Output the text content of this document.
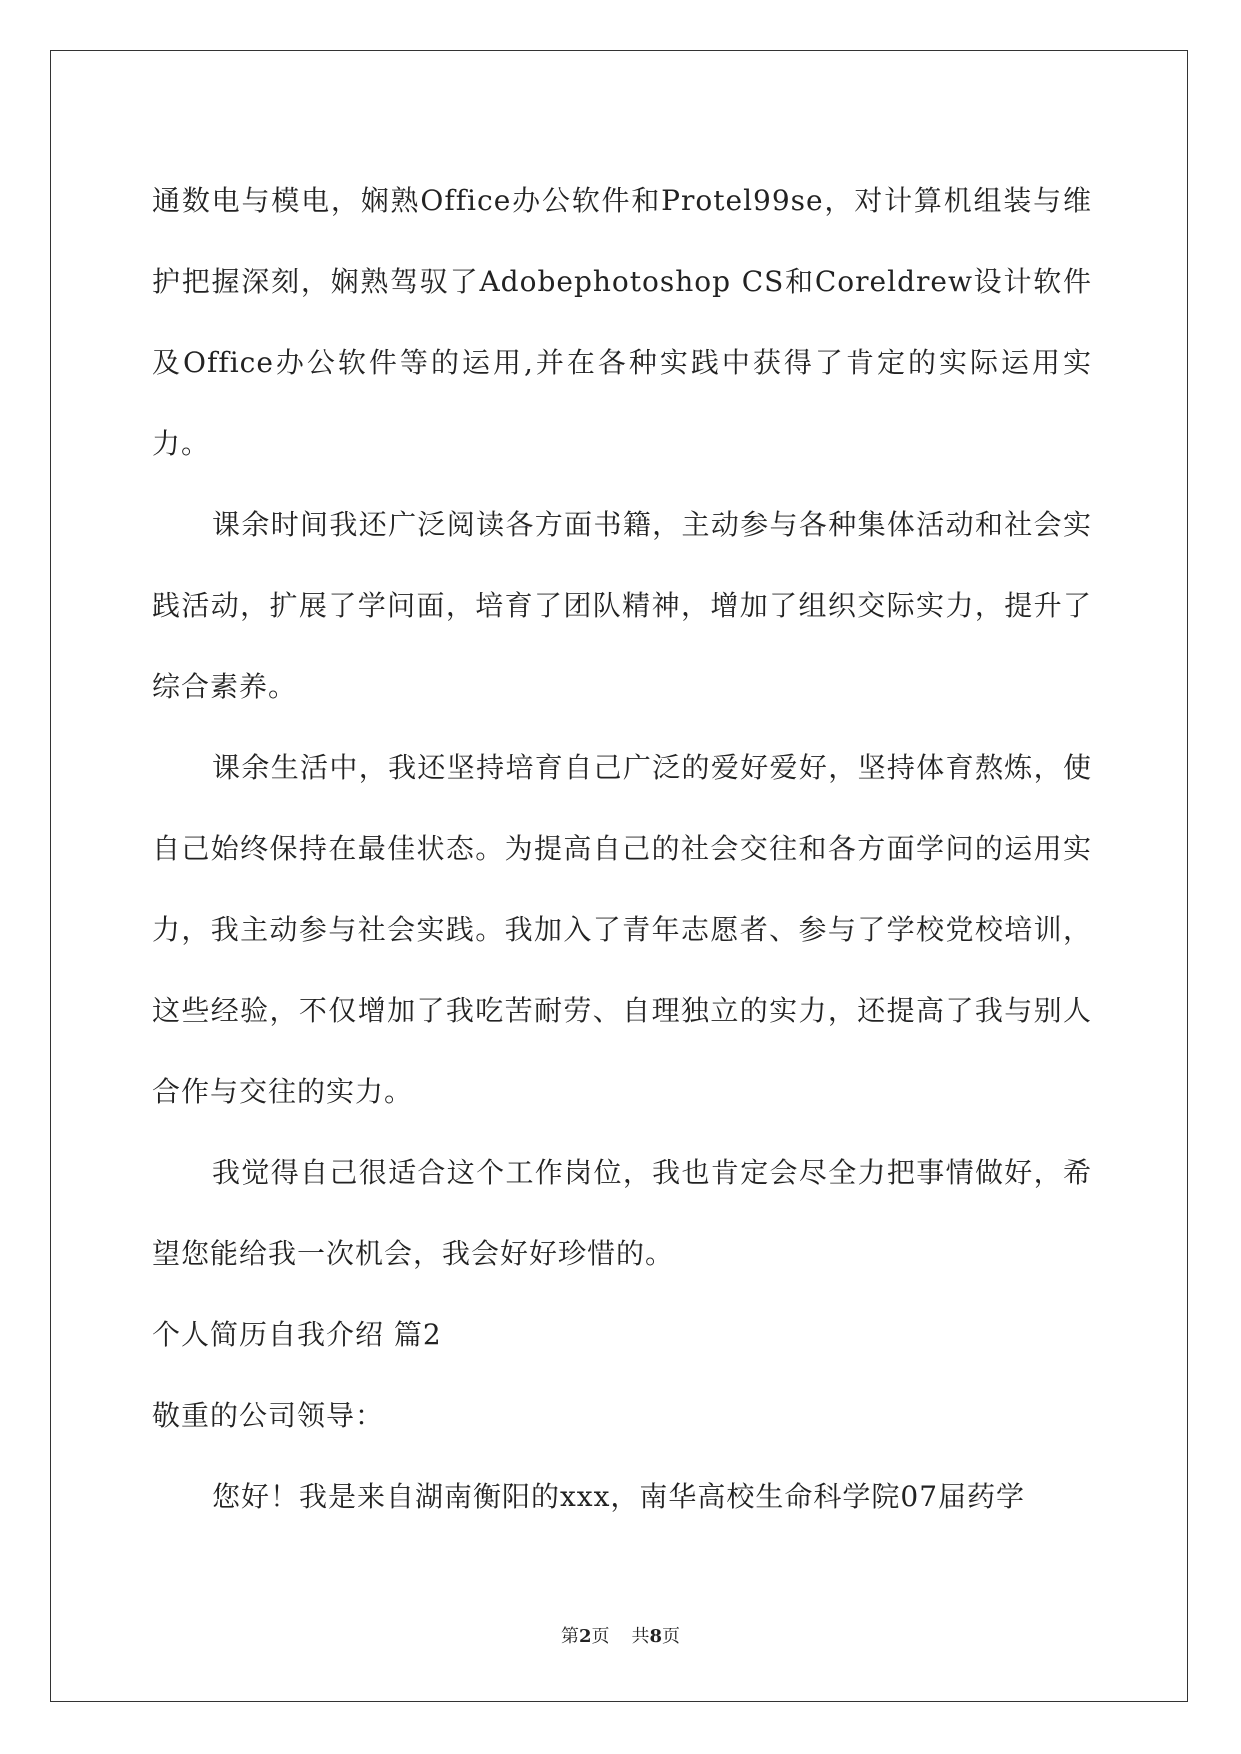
通数电与模电，娴熟Office办公软件和Protel99se，对计算机组装与维护把握深刻，娴熟驾驭了Adobephotoshop CS和Coreldrew设计软件及Office办公软件等的运用,并在各种实践中获得了肯定的实际运用实力。

课余时间我还广泛阅读各方面书籍，主动参与各种集体活动和社会实践活动，扩展了学问面，培育了团队精神，增加了组织交际实力，提升了综合素养。

课余生活中，我还坚持培育自己广泛的爱好爱好，坚持体育熬炼，使自己始终保持在最佳状态。为提高自己的社会交往和各方面学问的运用实力，我主动参与社会实践。我加入了青年志愿者、参与了学校党校培训，这些经验，不仅增加了我吃苦耐劳、自理独立的实力，还提高了我与别人合作与交往的实力。

我觉得自己很适合这个工作岗位，我也肯定会尽全力把事情做好，希望您能给我一次机会，我会好好珍惜的。

个人简历自我介绍 篇2

敬重的公司领导：

您好！我是来自湖南衡阳的xxx，南华高校生命科学院07届药学

第2页 共8页
